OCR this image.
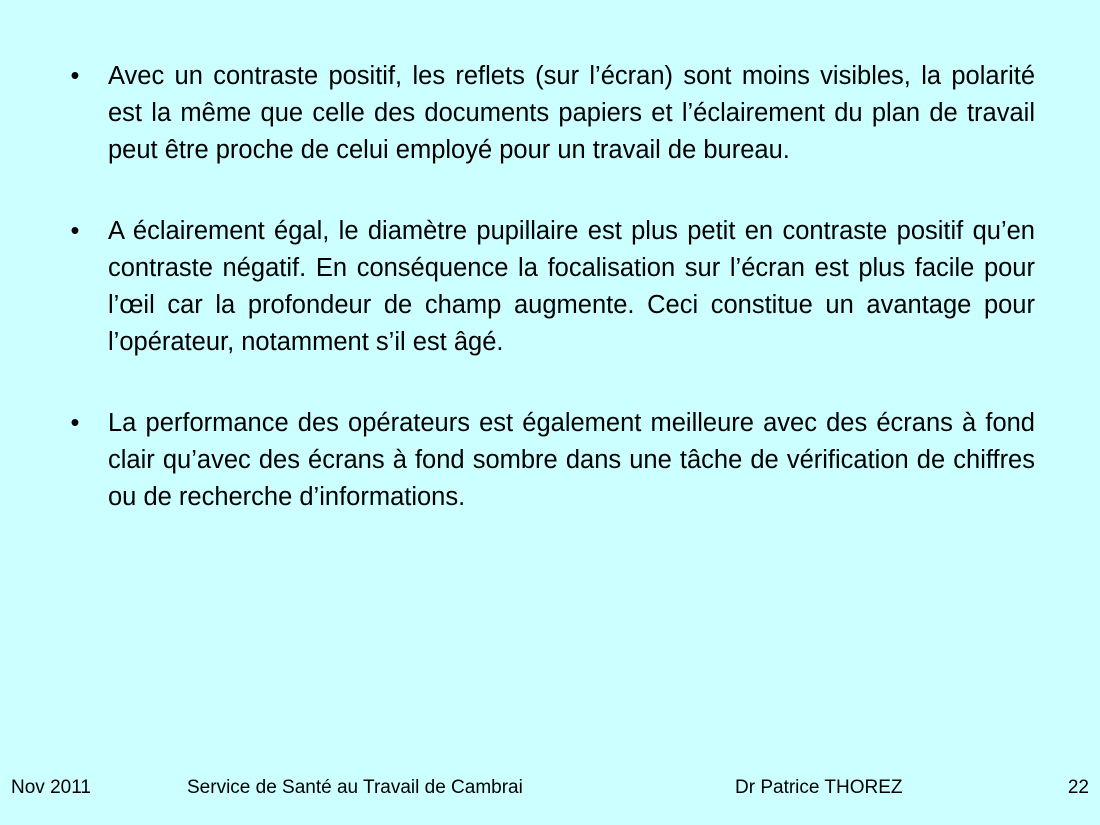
• Avec un contraste positif, les reflets (sur l’écran) sont moins visibles, la polarité est la même que celle des documents papiers et l’éclairement du plan de travail peut être proche de celui employé pour un travail de bureau.
• A éclairement égal, le diamètre pupillaire est plus petit en contraste positif qu’en contraste négatif. En conséquence la focalisation sur l’écran est plus facile pour l’œil car la profondeur de champ augmente. Ceci constitue un avantage pour l’opérateur, notamment s’il est âgé.
• La performance des opérateurs est également meilleure avec des écrans à fond clair qu’avec des écrans à fond sombre dans une tâche de vérification de chiffres ou de recherche d’informations.
Nov 2011	Service de Santé au Travail de Cambrai	Dr Patrice THOREZ	22
